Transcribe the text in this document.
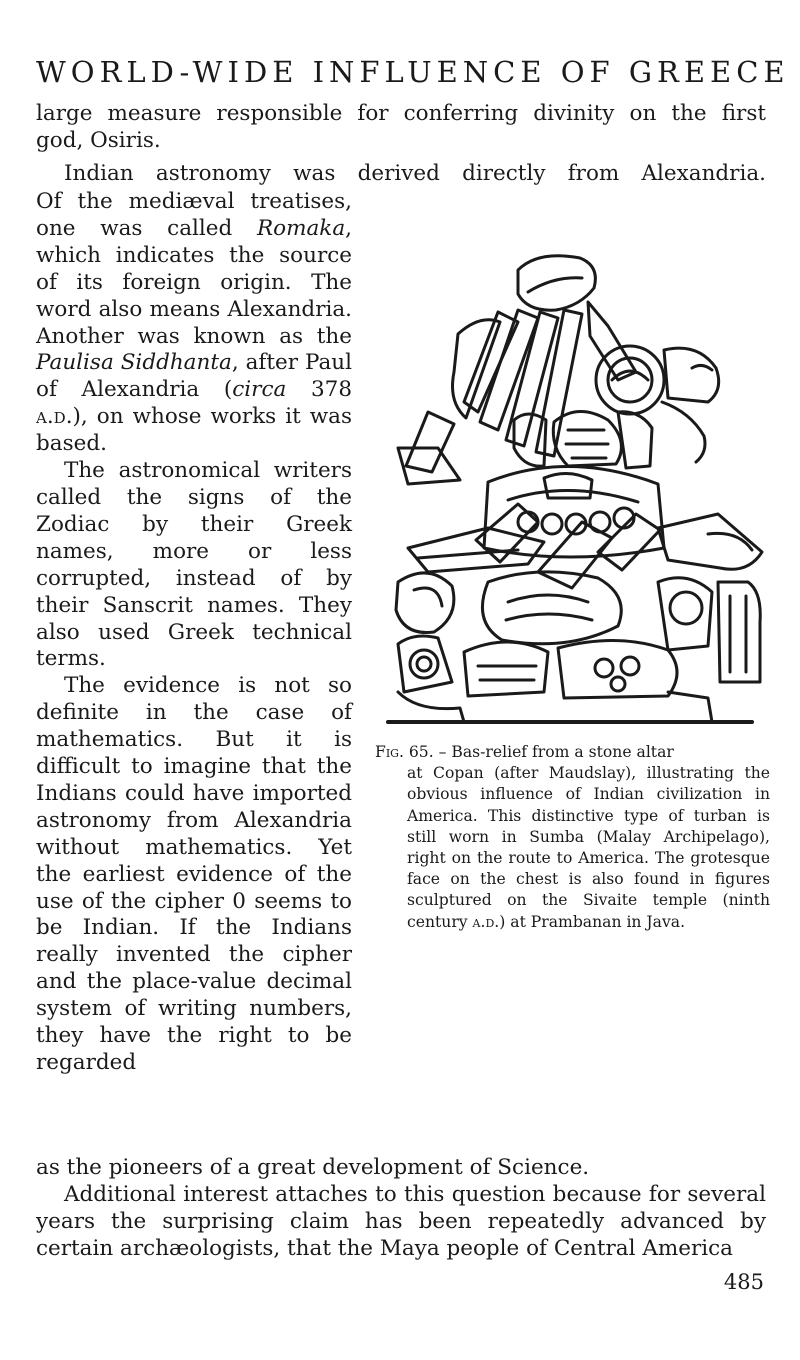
WORLD-WIDE INFLUENCE OF GREECE

large measure responsible for conferring divinity on the first
god, Osiris.

Indian astronomy was derived directly from Alexandria.

Of the mediæval treatises, one was called Romaka, which indicates the source of its foreign origin. The word also means Alexandria. Another was known as the Paulisa Siddhanta, after Paul of Alexandria (circa 378 a.d.), on whose works it was based.

The astronomical writers called the signs of the Zodiac by their Greek names, more or less corrupted, instead of by their Sanscrit names. They also used Greek technical terms.

The evidence is not so definite in the case of mathematics. But it is difficult to imagine that the Indians could have imported astronomy from Alexandria without mathematics. Yet the earliest evidence of the use of the cipher 0 seems to be Indian. If the Indians really invented the cipher and the place-value decimal system of writing numbers, they have the right to be regarded

Fig. 65. – Bas-relief from a stone altar
at Copan (after Maudslay), illustrating the obvious influence of Indian civilization in America. This distinctive type of turban is still worn in Sumba (Malay Archipelago), right on the route to America. The grotesque face on the chest is also found in figures sculptured on the Sivaite temple (ninth century a.d.) at Prambanan in Java.

as the pioneers of a great development of Science.

Additional interest attaches to this question because for several years the surprising claim has been repeatedly advanced by certain archæologists, that the Maya people of Central America

485
